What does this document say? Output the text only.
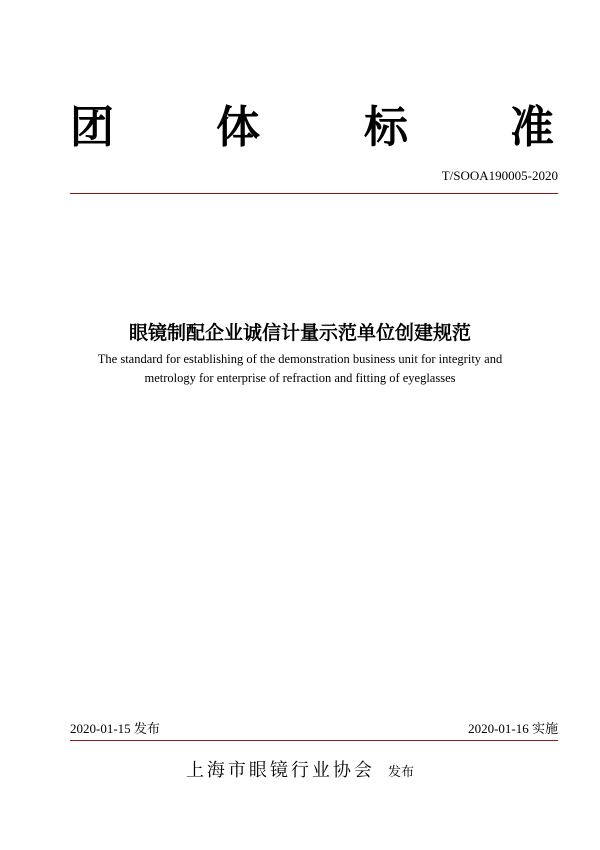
团 体 标 准
T/SOOA190005-2020
眼镜制配企业诚信计量示范单位创建规范
The standard for establishing of the demonstration business unit for integrity and
metrology for enterprise of refraction and fitting of eyeglasses
2020-01-15 发布	2020-01-16 实施
上海市眼镜行业协会 发布
